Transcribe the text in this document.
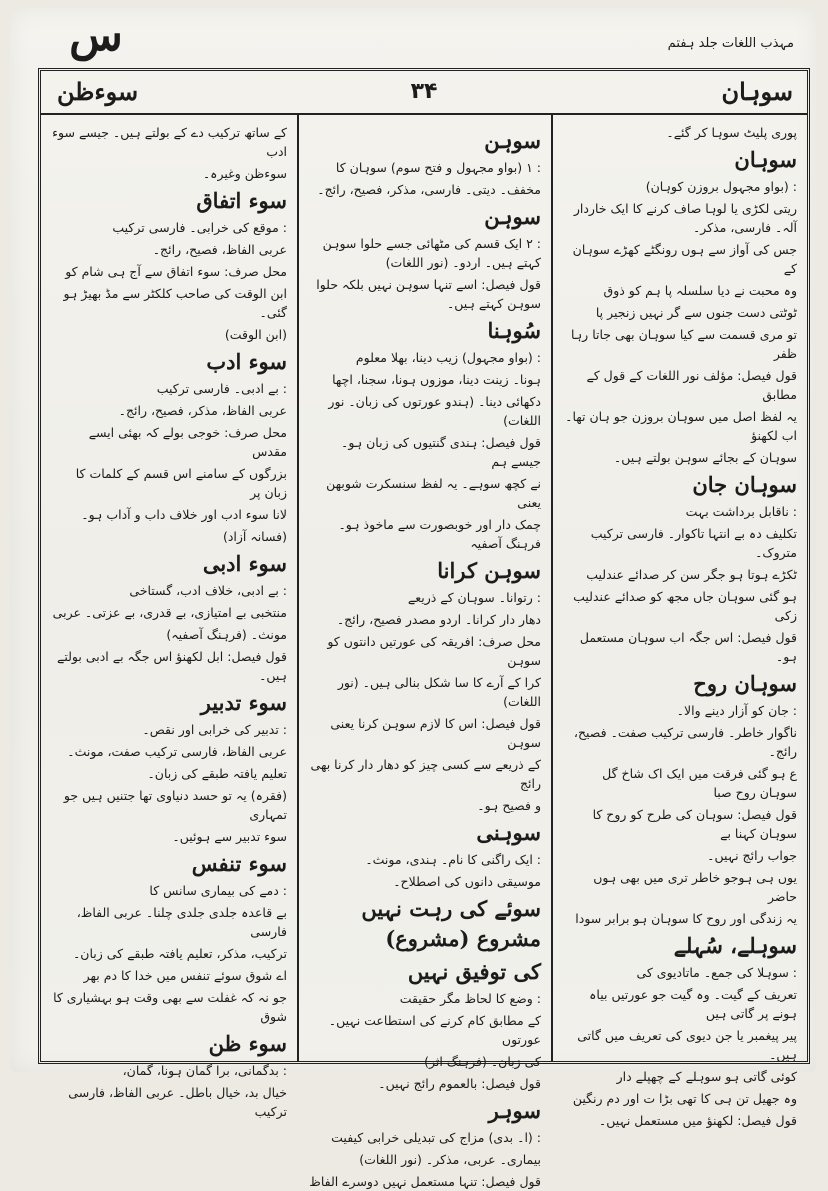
س	مہذب اللغات جلد ہفتم
سوءظن	۳۴	سوہان
پوری پلیٹ سوہا کر گئے۔
سوہان
: (بواو مجہول بروزن کوہان)
ریتی لکڑی یا لوہا صاف کرنے کا ایک خاردار آلہ۔ فارسی، مذکر۔
جس کی آواز سے ہوں رونگٹے کھڑے سوہان کے
وہ محبت نے دیا سلسلہ پا ہم کو ذوق
ٹوٹتی دست جنوں سے گر نہیں زنجیر پا
تو مری قسمت سے کیا سوہان بھی جاتا رہا ظفر
قول فیصل: مؤلف نور اللغات کے قول کے مطابق
یہ لفظ اصل میں سوہان بروزن جو ہان تھا۔ اب لکھنؤ
سوہان کے بجائے سوہن بولتے ہیں۔
سوہان جان
: ناقابل برداشت بہت
تکلیف دہ بے انتہا تاکوار۔ فارسی ترکیب متروک۔
ٹکڑے ہوتا ہو جگر سن کر صدائے عندلیب
ہو گئی سوہان جاں مجھ کو صدائے عندلیب زکی
قول فیصل: اس جگہ اب سوہان مستعمل ہو۔
سوہان روح
: جان کو آزار دینے والا۔
ناگوار خاطر۔ فارسی ترکیب صفت۔ فصیح، رائج۔
ع ہو گئی فرقت میں ایک اک شاخ گل سوہان روح صبا
قول فیصل: سوہان کی طرح کو روح کا سوہان کہنا بے
جواب رائج نہیں۔
یوں ہی ہوجو خاطر تری میں بھی ہوں حاضر
یہ زندگی اور روح کا سوہان ہو برابر سودا
سوہلے، سُہلے
: سوہلا کی جمع۔ ماتادیوی کی
تعریف کے گیت۔ وہ گیت جو عورتیں بیاہ ہونے پر گاتی ہیں
پیر پیغمبر یا جن دیوی کی تعریف میں گاتی ہیں۔
کوئی گاتی ہو سوہلے کے چھپلے دار
وہ جھیل تن ہی کا تھی بڑا ت اور دم رنگین
قول فیصل: لکھنؤ میں مستعمل نہیں۔
سوہن
: ۱ (بواو مجہول و فتح سوم) سوہان کا
مخفف۔ دیتی۔ فارسی، مذکر، فصیح، رائج۔
سوہن
: ۲ ایک قسم کی مٹھائی جسے حلوا سوہن کہتے ہیں۔ اردو۔ (نور اللغات)
قول فیصل: اسے تنہا سوہن نہیں بلکہ حلوا سوہن کہتے ہیں۔
سُوہنا
: (بواو مجہول) زیب دینا، بھلا معلوم
ہونا۔ زینت دینا، موزوں ہونا، سجنا، اچھا
دکھائی دینا۔ (ہندو عورتوں کی زبان۔ نور اللغات)
قول فیصل: ہندی گنتیوں کی زبان ہو۔ جیسے ہم
نے کچھ سوہے۔ یہ لفظ سنسکرت شوبھن یعنی
چمک دار اور خوبصورت سے ماخوذ ہو۔ فرہنگ آصفیہ
سوہن کرانا
: رتوانا۔ سوہان کے ذریعے
دھار دار کرانا۔ اردو مصدر فصیح، رائج۔
محل صرف: افریقہ کی عورتیں دانتوں کو سوہن
کرا کے آرے کا سا شکل بنالی ہیں۔ (نور اللغات)
قول فیصل: اس کا لازم سوہن کرنا یعنی سوہن
کے ذریعے سے کسی چیز کو دھار دار کرنا بھی رائج
و فصیح ہو۔
سوہنی
: ایک راگنی کا نام۔ ہندی، مونث۔
موسیقی دانوں کی اصطلاح۔
سوئے کی رہت نہیں مشروع (مشروع)
کی توفیق نہیں
: وضع کا لحاظ مگر حقیقت
کے مطابق کام کرنے کی استطاعت نہیں۔ عورتوں
کی زبان۔ (فرہنگ اثر)
قول فیصل: بالعموم رائج نہیں۔
سوہر
: (ا۔ بدی) مزاج کی تبدیلی خرابی کیفیت
بیماری۔ عربی، مذکر۔ (نور اللغات)
قول فیصل: تنہا مستعمل نہیں دوسرے الفاظ
کے ساتھ ترکیب دے کے بولتے ہیں۔ جیسے سوء ادب
سوءظن وغیرہ۔
سوء اتفاق
: موقع کی خرابی۔ فارسی ترکیب
عربی الفاظ، فصیح، رائج۔
محل صرف: سوء اتفاق سے آج ہی شام کو
ابن الوقت کی صاحب کلکٹر سے مڈ بھیڑ ہو گئی۔
(ابن الوقت)
سوء ادب
: بے ادبی۔ فارسی ترکیب
عربی الفاظ، مذکر، فصیح، رائج۔
محل صرف: خوجی بولے کہ بھئی ایسے مقدس
بزرگوں کے سامنے اس قسم کے کلمات کا زبان پر
لانا سوء ادب اور خلاف داب و آداب ہو۔
(فسانہ آزاد)
سوء ادبی
: بے ادبی، خلاف ادب، گستاخی
منتخبی بے امتیازی، بے قدری، بے عزتی۔ عربی
مونث۔ (فرہنگ آصفیہ)
قول فیصل: ابل لکھنؤ اس جگہ بے ادبی بولتے ہیں۔
سوء تدبیر
: تدبیر کی خرابی اور نقص۔
عربی الفاظ، فارسی ترکیب صفت، مونث۔
تعلیم یافتہ طبقے کی زبان۔
(فقرہ) یہ تو حسد دنیاوی تھا جتنیں ہیں جو تمہاری
سوء تدبیر سے ہوئیں۔
سوء تنفس
: دمے کی بیماری سانس کا
بے قاعدہ جلدی جلدی چلنا۔ عربی الفاظ، فارسی
ترکیب، مذکر، تعلیم یافتہ طبقے کی زبان۔
اے شوق سوئے تنفس میں خدا کا دم بھر
جو نہ کہ غفلت سے بھی وقت ہو بہشیاری کا شوق
سوء ظن
: بدگمانی، برا گمان ہونا، گمان،
خیال بد، خیال باطل۔ عربی الفاظ، فارسی ترکیب
